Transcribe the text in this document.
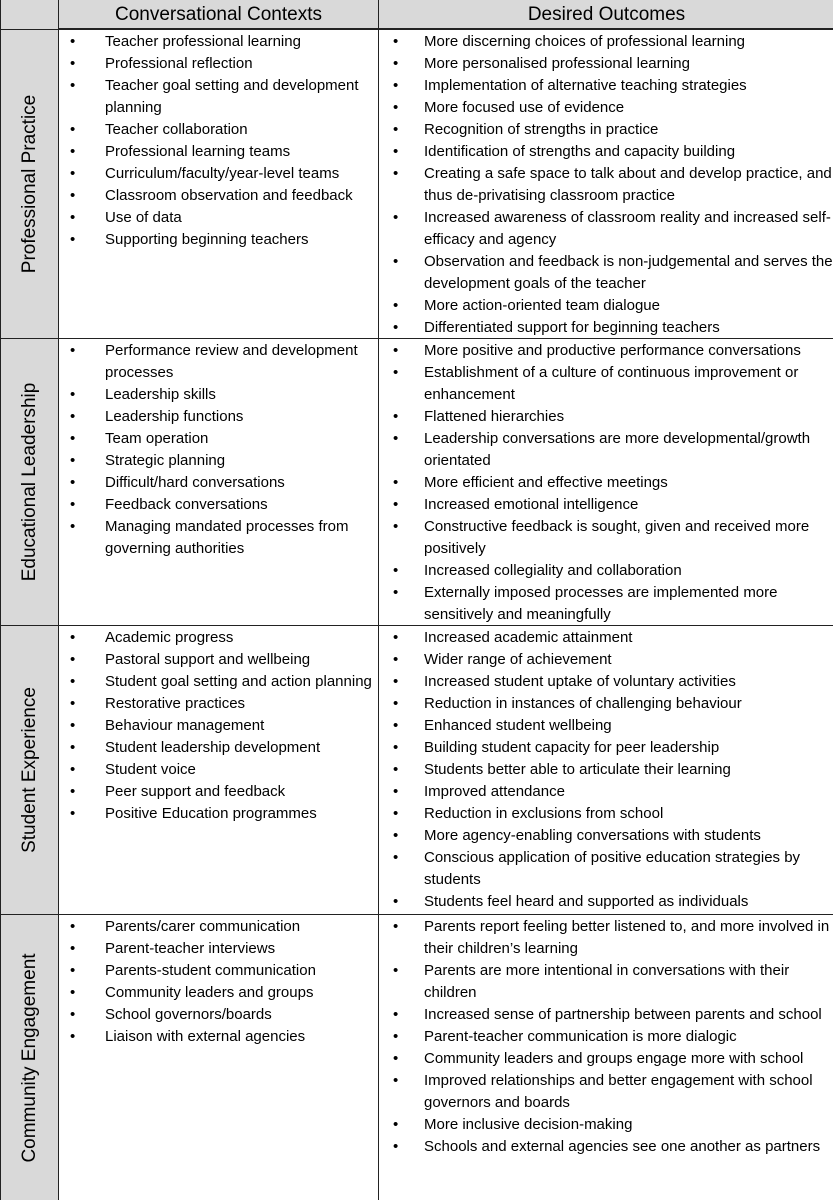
Conversational Contexts	Desired Outcomes
Professional Practice
• Teacher professional learning
• Professional reflection
• Teacher goal setting and development planning
• Teacher collaboration
• Professional learning teams
• Curriculum/faculty/year-level teams
• Classroom observation and feedback
• Use of data
• Supporting beginning teachers
• More discerning choices of professional learning
• More personalised professional learning
• Implementation of alternative teaching strategies
• More focused use of evidence
• Recognition of strengths in practice
• Identification of strengths and capacity building
• Creating a safe space to talk about and develop practice, and thus de-privatising classroom practice
• Increased awareness of classroom reality and increased self-efficacy and agency
• Observation and feedback is non-judgemental and serves the development goals of the teacher
• More action-oriented team dialogue
• Differentiated support for beginning teachers
Educational Leadership
• Performance review and development processes
• Leadership skills
• Leadership functions
• Team operation
• Strategic planning
• Difficult/hard conversations
• Feedback conversations
• Managing mandated processes from governing authorities
• More positive and productive performance conversations
• Establishment of a culture of continuous improvement or enhancement
• Flattened hierarchies
• Leadership conversations are more developmental/growth orientated
• More efficient and effective meetings
• Increased emotional intelligence
• Constructive feedback is sought, given and received more positively
• Increased collegiality and collaboration
• Externally imposed processes are implemented more sensitively and meaningfully
Student Experience
• Academic progress
• Pastoral support and wellbeing
• Student goal setting and action planning
• Restorative practices
• Behaviour management
• Student leadership development
• Student voice
• Peer support and feedback
• Positive Education programmes
• Increased academic attainment
• Wider range of achievement
• Increased student uptake of voluntary activities
• Reduction in instances of challenging behaviour
• Enhanced student wellbeing
• Building student capacity for peer leadership
• Students better able to articulate their learning
• Improved attendance
• Reduction in exclusions from school
• More agency-enabling conversations with students
• Conscious application of positive education strategies by students
• Students feel heard and supported as individuals
Community Engagement
• Parents/carer communication
• Parent-teacher interviews
• Parents-student communication
• Community leaders and groups
• School governors/boards
• Liaison with external agencies
• Parents report feeling better listened to, and more involved in their children’s learning
• Parents are more intentional in conversations with their children
• Increased sense of partnership between parents and school
• Parent-teacher communication is more dialogic
• Community leaders and groups engage more with school
• Improved relationships and better engagement with school governors and boards
• More inclusive decision-making
• Schools and external agencies see one another as partners
